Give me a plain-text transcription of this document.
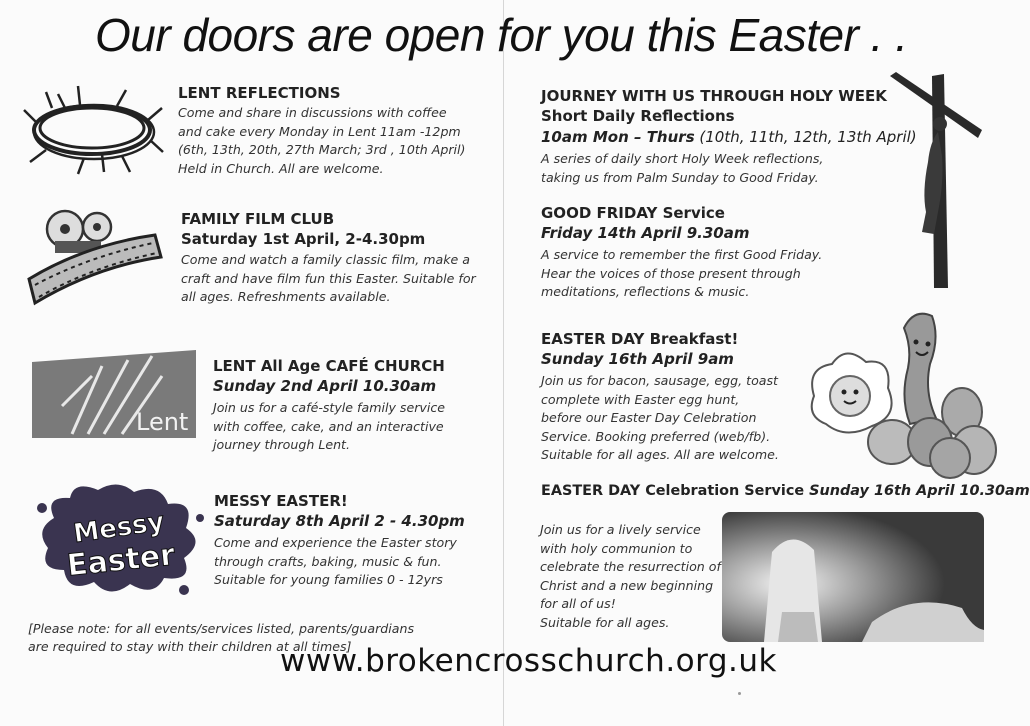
Our doors are open for you this Easter . .
LENT REFLECTIONS
Come and share in discussions with coffee
and cake every Monday in Lent 11am -12pm
(6th, 13th, 20th, 27th March; 3rd , 10th April)
Held in Church. All are welcome.
FAMILY FILM CLUB
Saturday 1st April, 2-4.30pm
Come and watch a family classic film, make a
craft and have film fun this Easter. Suitable for
all ages. Refreshments available.
Lent
LENT All Age CAFÉ CHURCH
Sunday 2nd April 10.30am
Join us for a café-style family service
with coffee, cake, and an interactive
journey through Lent.
Messy
Easter
MESSY EASTER!
Saturday 8th April 2 - 4.30pm
Come and experience the Easter story
through crafts, baking, music & fun.
Suitable for young families 0 - 12yrs
[Please note: for all events/services listed, parents/guardians
are required to stay with their children at all times]
JOURNEY WITH US THROUGH HOLY WEEK
Short Daily Reflections
10am Mon – Thurs (10th, 11th, 12th, 13th April)
A series of daily short Holy Week reflections,
taking us from Palm Sunday to Good Friday.
GOOD FRIDAY Service
Friday 14th April 9.30am
A service to remember the first Good Friday.
Hear the voices of those present through
meditations, reflections & music.
EASTER DAY Breakfast!
Sunday 16th April 9am
Join us for bacon, sausage, egg, toast
complete with Easter egg hunt,
before our Easter Day Celebration
Service. Booking preferred (web/fb).
Suitable for all ages. All are welcome.
EASTER DAY Celebration Service Sunday 16th April 10.30am
Join us for a lively service
with holy communion to
celebrate the resurrection of
Christ and a new beginning
for all of us!
Suitable for all ages.
www.brokencrosschurch.org.uk
